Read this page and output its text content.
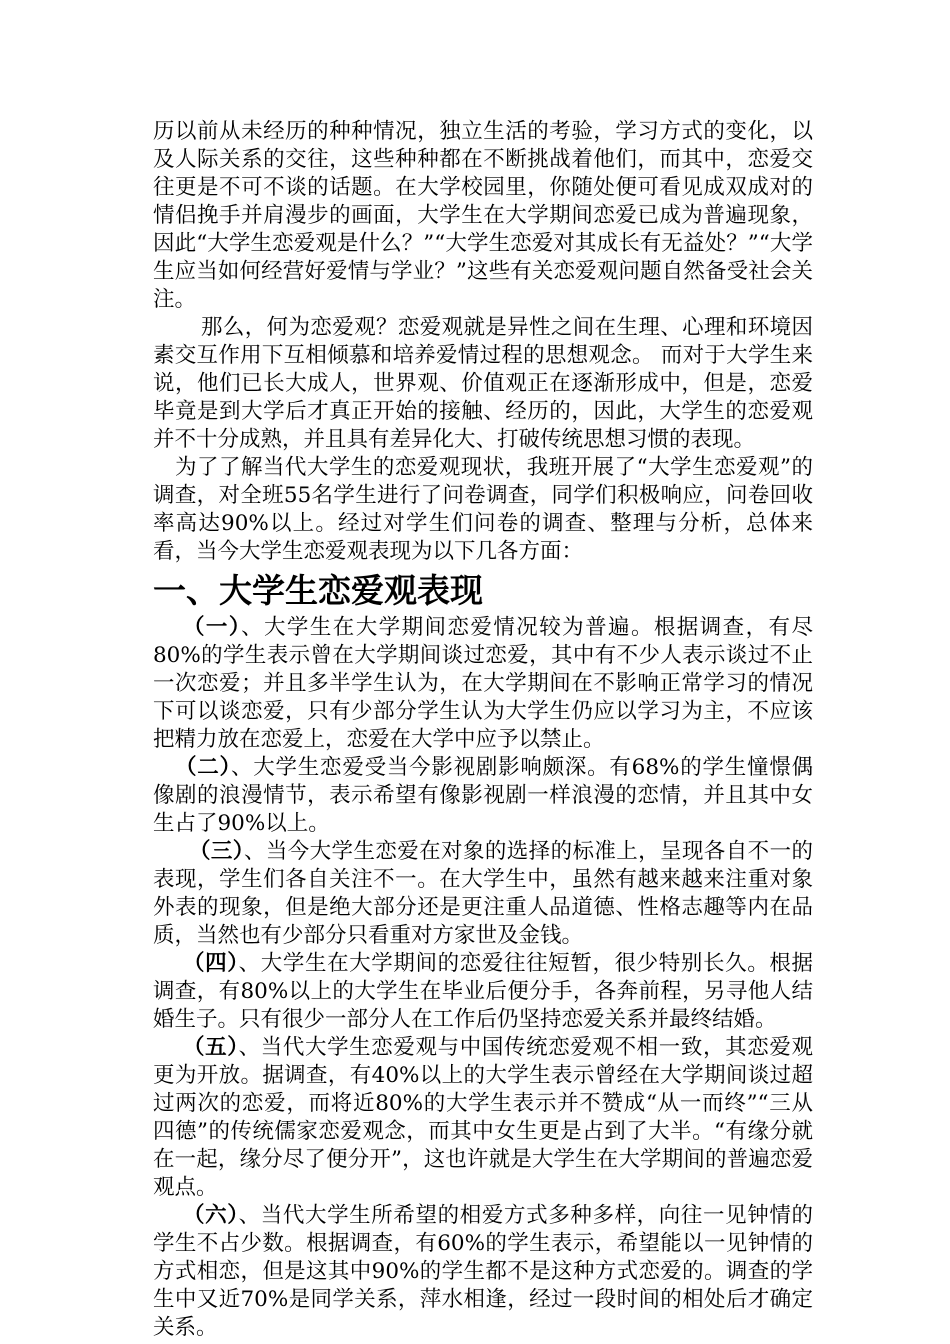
历以前从未经历的种种情况，独立生活的考验，学习方式的变化，以及人际关系的交往，这些种种都在不断挑战着他们，而其中，恋爱交往更是不可不谈的话题。在大学校园里，你随处便可看见成双成对的情侣挽手并肩漫步的画面，大学生在大学期间恋爱已成为普遍现象，因此“大学生恋爱观是什么？”“大学生恋爱对其成长有无益处？”“大学生应当如何经营好爱情与学业？”这些有关恋爱观问题自然备受社会关注。

那么，何为恋爱观？恋爱观就是异性之间在生理、心理和环境因素交互作用下互相倾慕和培养爱情过程的思想观念。 而对于大学生来说，他们已长大成人，世界观、价值观正在逐渐形成中，但是，恋爱毕竟是到大学后才真正开始的接触、经历的，因此，大学生的恋爱观并不十分成熟，并且具有差异化大、打破传统思想习惯的表现。

为了了解当代大学生的恋爱观现状，我班开展了“大学生恋爱观”的调查，对全班55名学生进行了问卷调查，同学们积极响应，问卷回收率高达90%以上。经过对学生们问卷的调查、整理与分析，总体来看，当今大学生恋爱观表现为以下几各方面：

一、大学生恋爱观表现

（一）、大学生在大学期间恋爱情况较为普遍。根据调查，有尽80%的学生表示曾在大学期间谈过恋爱，其中有不少人表示谈过不止一次恋爱；并且多半学生认为，在大学期间在不影响正常学习的情况下可以谈恋爱，只有少部分学生认为大学生仍应以学习为主，不应该把精力放在恋爱上，恋爱在大学中应予以禁止。

（二）、大学生恋爱受当今影视剧影响颇深。有68%的学生憧憬偶像剧的浪漫情节，表示希望有像影视剧一样浪漫的恋情，并且其中女生占了90%以上。

（三）、当今大学生恋爱在对象的选择的标准上，呈现各自不一的表现，学生们各自关注不一。在大学生中，虽然有越来越来注重对象外表的现象，但是绝大部分还是更注重人品道德、性格志趣等内在品质，当然也有少部分只看重对方家世及金钱。

（四）、大学生在大学期间的恋爱往往短暂，很少特别长久。根据调查，有80%以上的大学生在毕业后便分手，各奔前程，另寻他人结婚生子。只有很少一部分人在工作后仍坚持恋爱关系并最终结婚。

（五）、当代大学生恋爱观与中国传统恋爱观不相一致，其恋爱观更为开放。据调查，有40%以上的大学生表示曾经在大学期间谈过超过两次的恋爱，而将近80%的大学生表示并不赞成“从一而终”“三从四德”的传统儒家恋爱观念，而其中女生更是占到了大半。“有缘分就在一起，缘分尽了便分开”，这也许就是大学生在大学期间的普遍恋爱观点。

（六）、当代大学生所希望的相爱方式多种多样，向往一见钟情的学生不占少数。根据调查，有60%的学生表示，希望能以一见钟情的方式相恋，但是这其中90%的学生都不是这种方式恋爱的。调查的学生中又近70%是同学关系，萍水相逢，经过一段时间的相处后才确定关系。
